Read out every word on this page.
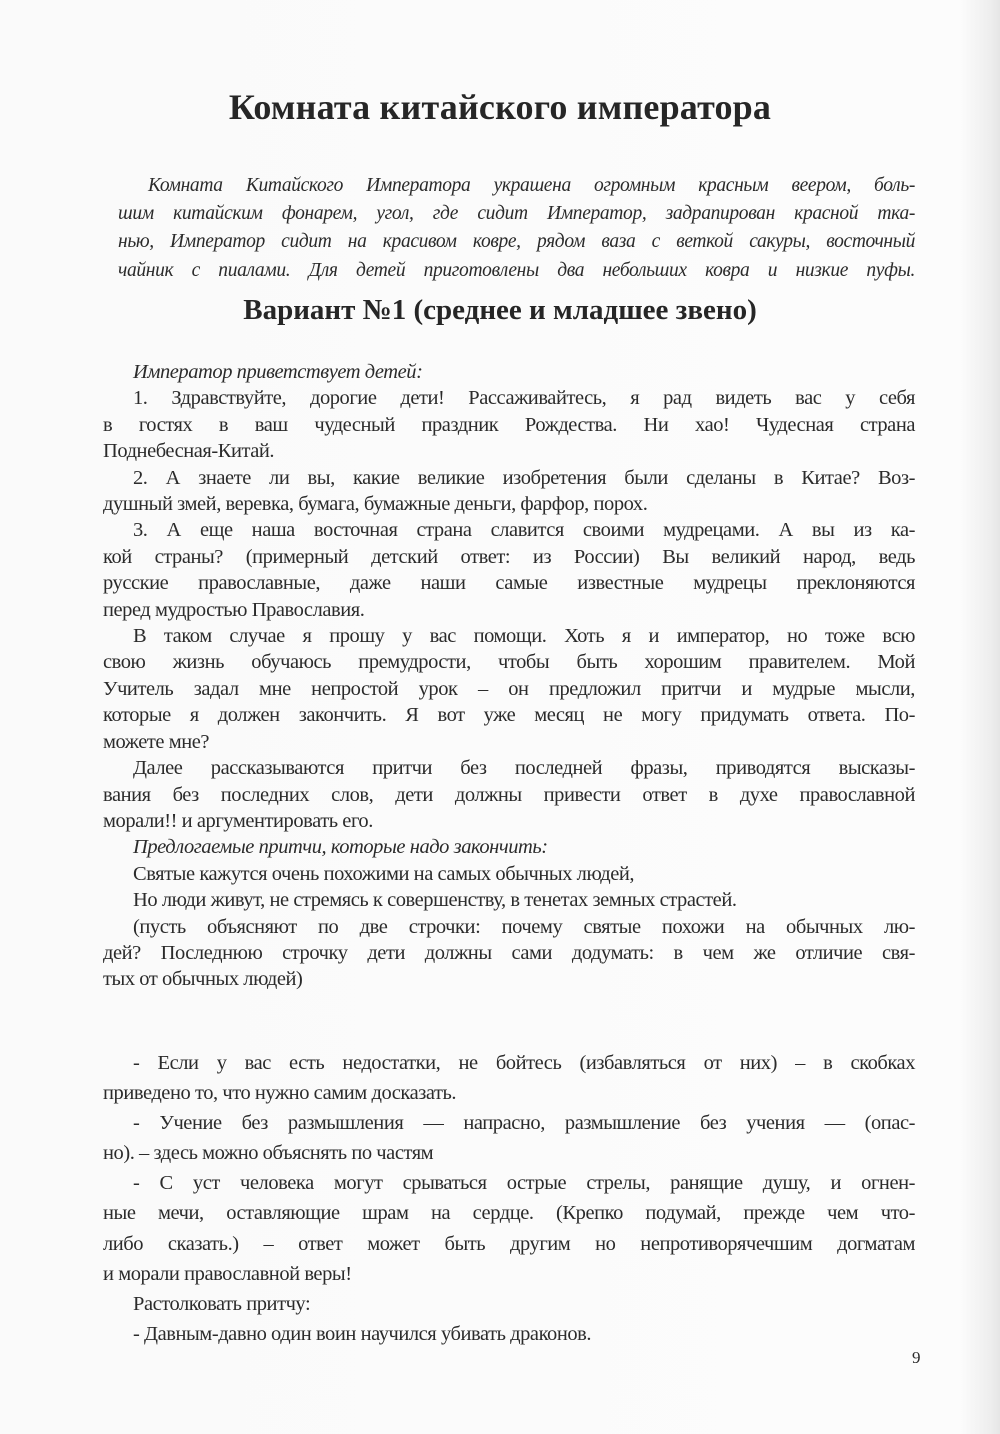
Комната китайского императора
Комната Китайского Императора украшена огромным красным веером, боль-
шим китайским фонарем, угол, где сидит Император, задрапирован красной тка-
нью, Император сидит на красивом ковре, рядом ваза с веткой сакуры, восточный
чайник с пиалами. Для детей приготовлены два небольших ковра и низкие пуфы.
Вариант №1 (среднее и младшее звено)
Император приветствует детей:
1. Здравствуйте, дорогие дети! Рассаживайтесь, я рад видеть вас у себя
в гостях в ваш чудесный праздник Рождества. Ни хао! Чудесная страна
Поднебесная-Китай.
2. А знаете ли вы, какие великие изобретения были сделаны в Китае? Воз-
душный змей, веревка, бумага, бумажные деньги, фарфор, порох.
3. А еще наша восточная страна славится своими мудрецами. А вы из ка-
кой страны? (примерный детский ответ: из России) Вы великий народ, ведь
русские православные, даже наши самые известные мудрецы преклоняются
перед мудростью Православия.
В таком случае я прошу у вас помощи. Хоть я и император, но тоже всю
свою жизнь обучаюсь премудрости, чтобы быть хорошим правителем. Мой
Учитель задал мне непростой урок – он предложил притчи и мудрые мысли,
которые я должен закончить. Я вот уже месяц не могу придумать ответа. По-
можете мне?
Далее рассказываются притчи без последней фразы, приводятся высказы-
вания без последних слов, дети должны привести ответ в духе православной
морали!! и аргументировать его.
Предлогаемые притчи, которые надо закончить:
Святые кажутся очень похожими на самых обычных людей,
Но люди живут, не стремясь к совершенству, в тенетах земных страстей.
(пусть объясняют по две строчки: почему святые похожи на обычных лю-
дей? Последнюю строчку дети должны сами додумать: в чем же отличие свя-
тых от обычных людей)
- Если у вас есть недостатки, не бойтесь (избавляться от них) – в скобках
приведено то, что нужно самим досказать.
- Учение без размышления — напрасно, размышление без учения — (опас-
но). – здесь можно объяснять по частям
- С уст человека могут срываться острые стрелы, ранящие душу, и огнен-
ные мечи, оставляющие шрам на сердце. (Крепко подумай, прежде чем что-
либо сказать.) – ответ может быть другим но непротиворячечшим догматам
и морали православной веры!
Растолковать притчу:
- Давным-давно один воин научился убивать драконов.
9
